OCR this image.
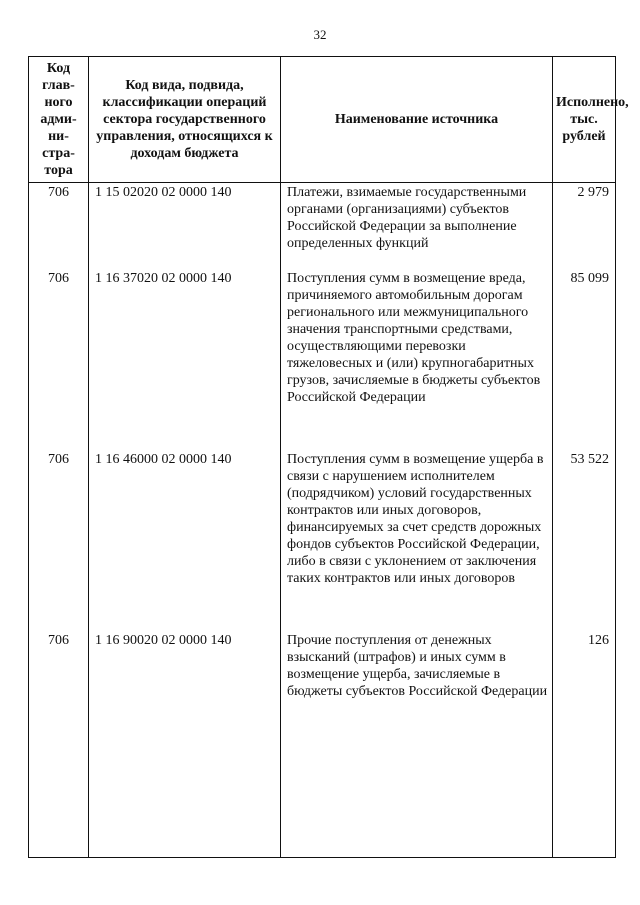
32
Код глав-ного адми-ни-стра-тора	Код вида, подвида, классификации операций сектора государственного управления, относящихся к доходам бюджета	Наименование источника	Исполнено, тыс. рублей
706	1 15 02020 02 0000 140	Платежи, взимаемые государственными органами (организациями) субъектов Российской Федерации за выполнение определенных функций	2 979
706	1 16 37020 02 0000 140	Поступления сумм в возмещение вреда, причиняемого автомобильным дорогам регионального или межмуниципального значения транспортными средствами, осуществляющими перевозки тяжеловесных и (или) крупногабаритных грузов, зачисляемые в бюджеты субъектов Российской Федерации	85 099
706	1 16 46000 02 0000 140	Поступления сумм в возмещение ущерба в связи с нарушением исполнителем (подрядчиком) условий государственных контрактов или иных договоров, финансируемых за счет средств дорожных фондов субъектов Российской Федерации, либо в связи с уклонением от заключения таких контрактов или иных договоров	53 522
706	1 16 90020 02 0000 140	Прочие поступления от денежных взысканий (штрафов) и иных сумм в возмещение ущерба, зачисляемые в бюджеты субъектов Российской Федерации	126
